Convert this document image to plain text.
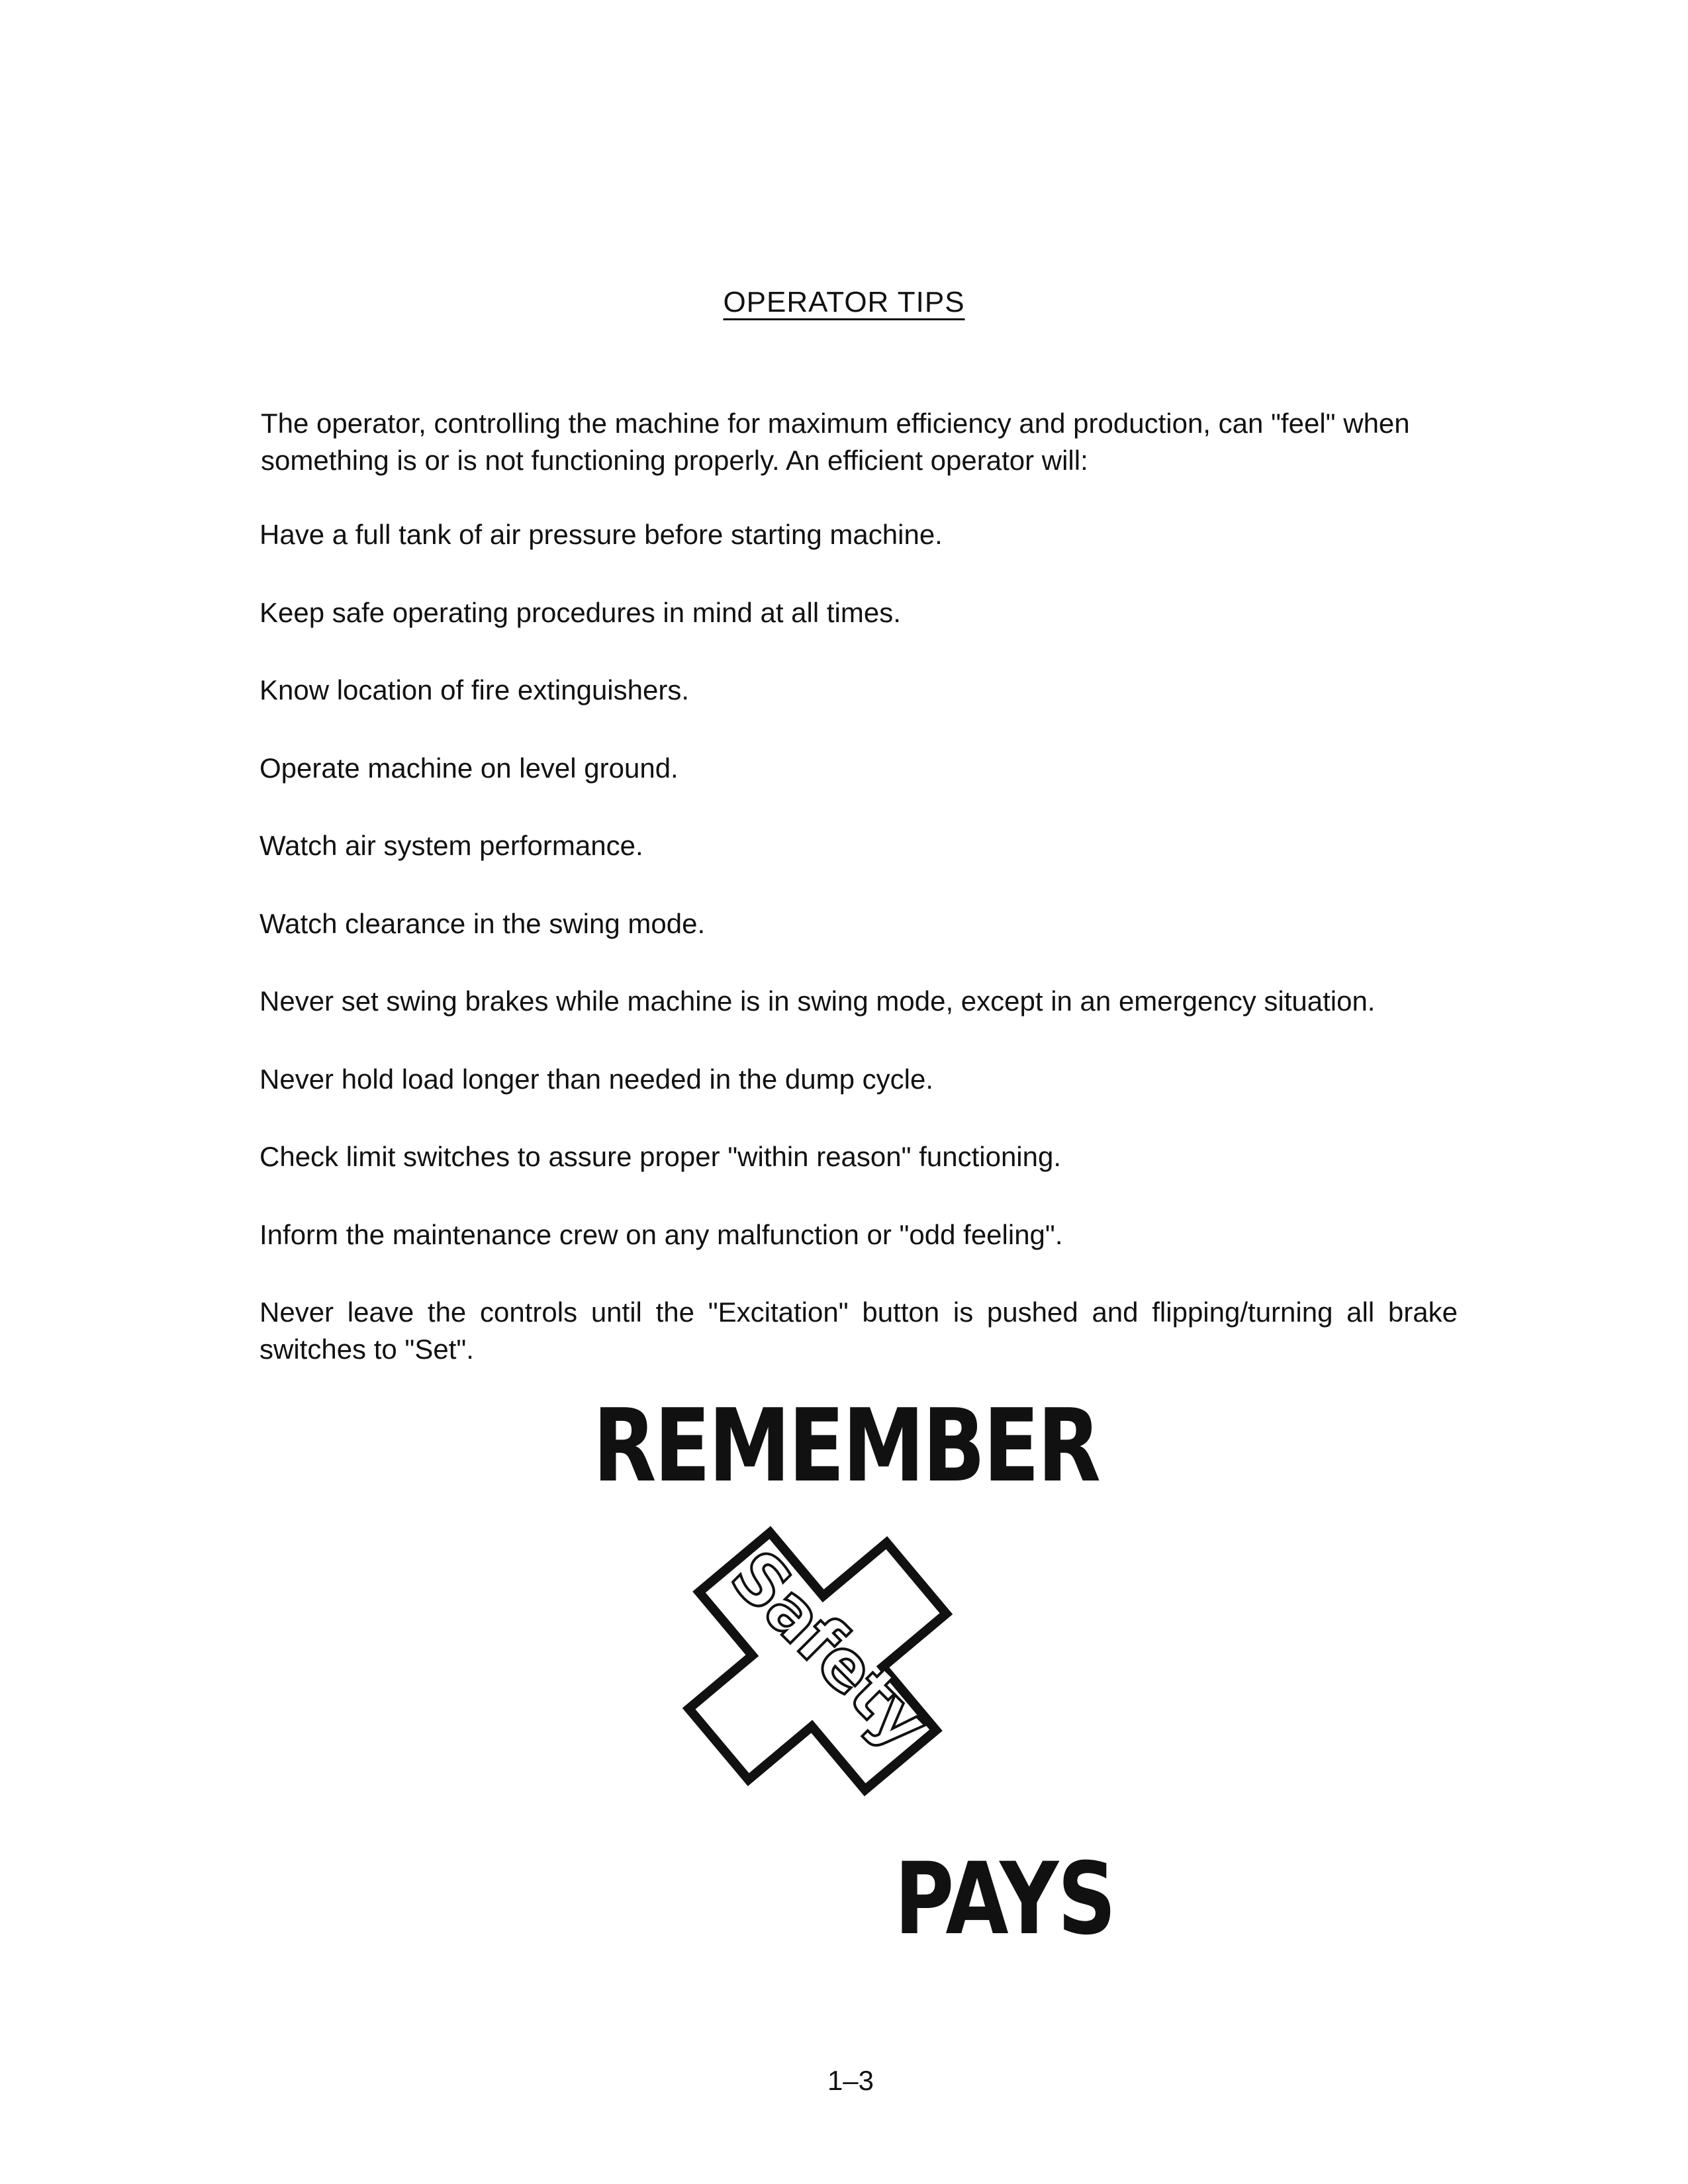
OPERATOR TIPS

The operator, controlling the machine for maximum efficiency and production, can "feel" when something is or is not functioning properly. An efficient operator will:

Have a full tank of air pressure before starting machine.
Keep safe operating procedures in mind at all times.
Know location of fire extinguishers.
Operate machine on level ground.
Watch air system performance.
Watch clearance in the swing mode.
Never set swing brakes while machine is in swing mode, except in an emergency situation.
Never hold load longer than needed in the dump cycle.
Check limit switches to assure proper "within reason" functioning.
Inform the maintenance crew on any malfunction or "odd feeling".
Never leave the controls until the "Excitation" button is pushed and flipping/turning all brake switches to "Set".
REMEMBER
Safety
PAYS
1–3
